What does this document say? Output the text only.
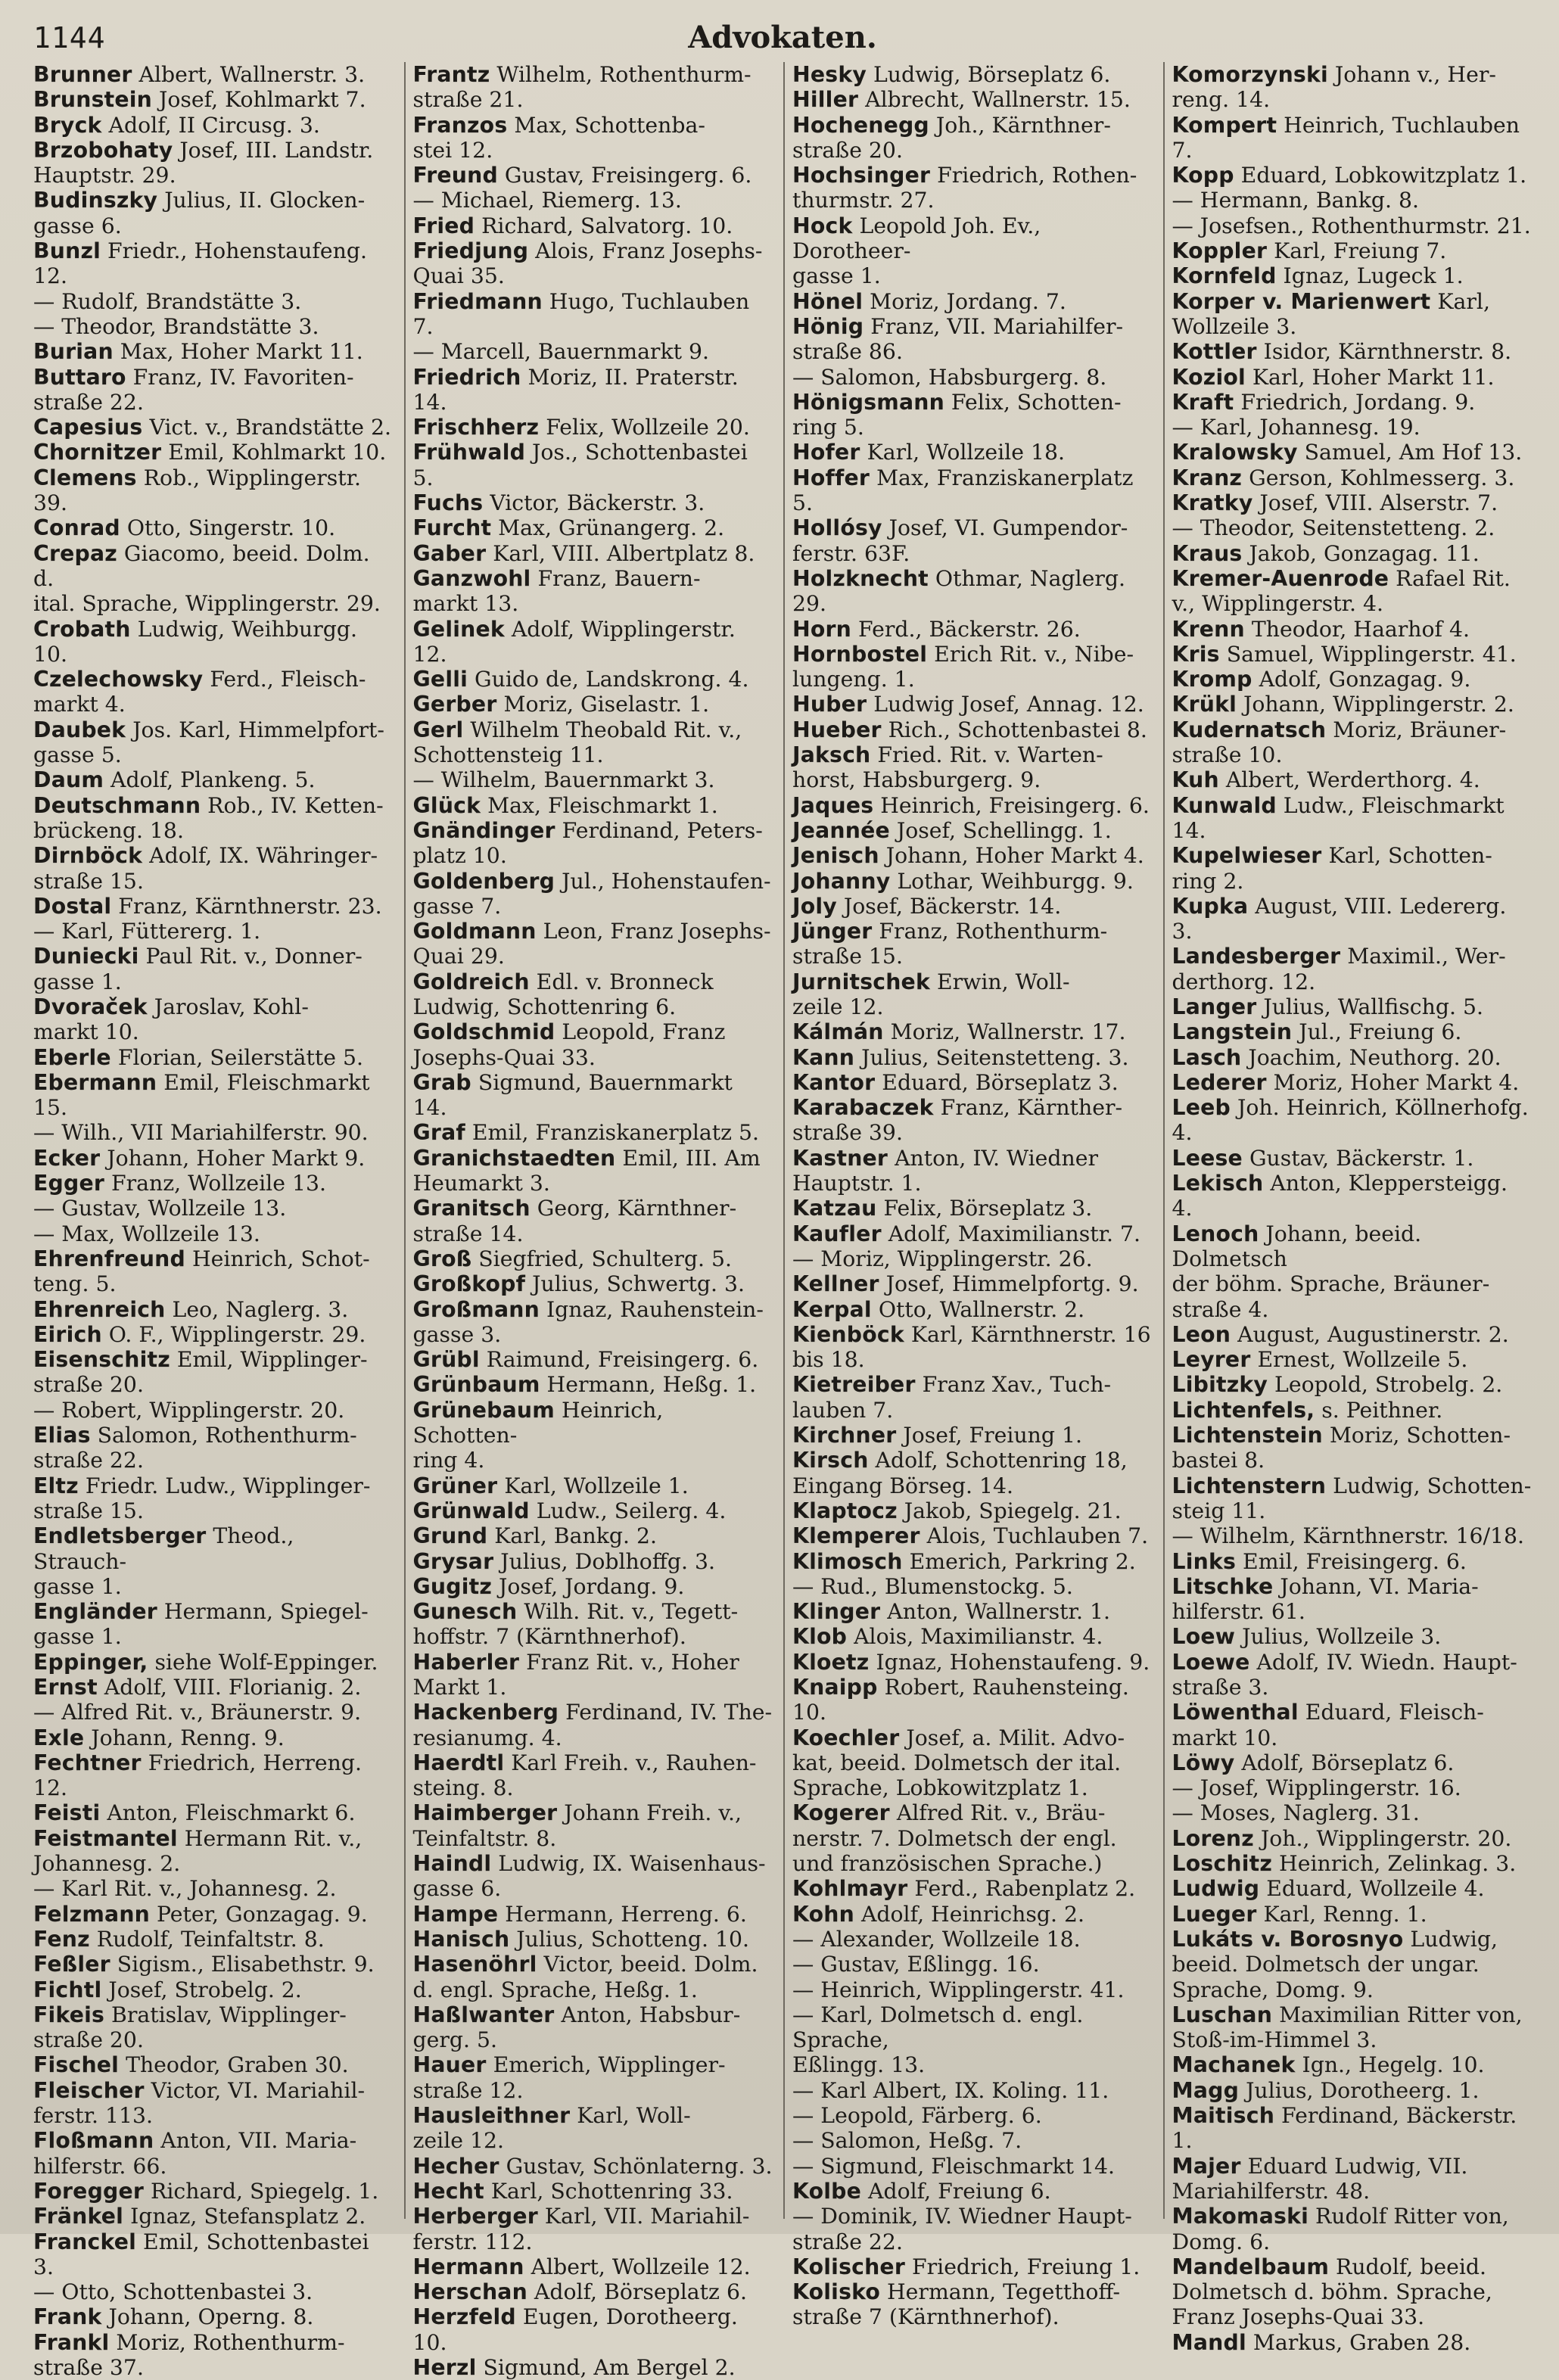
1144	Advokaten.
Brunner Albert, Wallnerstr. 3.
Brunstein Josef, Kohlmarkt 7.
Bryck Adolf, II Circusg. 3.
Brzobohaty Josef, III. Landstr.
Hauptstr. 29.
Budinszky Julius, II. Glocken-
gasse 6.
Bunzl Friedr., Hohenstaufeng. 12.
— Rudolf, Brandstätte 3.
— Theodor, Brandstätte 3.
Burian Max, Hoher Markt 11.
Buttaro Franz, IV. Favoriten-
straße 22.
Capesius Vict. v., Brandstätte 2.
Chornitzer Emil, Kohlmarkt 10.
Clemens Rob., Wipplingerstr. 39.
Conrad Otto, Singerstr. 10.
Crepaz Giacomo, beeid. Dolm. d.
ital. Sprache, Wipplingerstr. 29.
Crobath Ludwig, Weihburgg. 10.
Czelechowsky Ferd., Fleisch-
markt 4.
Daubek Jos. Karl, Himmelpfort-
gasse 5.
Daum Adolf, Plankeng. 5.
Deutschmann Rob., IV. Ketten-
brückeng. 18.
Dirnböck Adolf, IX. Währinger-
straße 15.
Dostal Franz, Kärnthnerstr. 23.
— Karl, Füttererg. 1.
Duniecki Paul Rit. v., Donner-
gasse 1.
Dvoraček Jaroslav, Kohl-
markt 10.
Eberle Florian, Seilerstätte 5.
Ebermann Emil, Fleischmarkt 15.
— Wilh., VII Mariahilferstr. 90.
Ecker Johann, Hoher Markt 9.
Egger Franz, Wollzeile 13.
— Gustav, Wollzeile 13.
— Max, Wollzeile 13.
Ehrenfreund Heinrich, Schot-
teng. 5.
Ehrenreich Leo, Naglerg. 3.
Eirich O. F., Wipplingerstr. 29.
Eisenschitz Emil, Wipplinger-
straße 20.
— Robert, Wipplingerstr. 20.
Elias Salomon, Rothenthurm-
straße 22.
Eltz Friedr. Ludw., Wipplinger-
straße 15.
Endletsberger Theod., Strauch-
gasse 1.
Engländer Hermann, Spiegel-
gasse 1.
Eppinger, siehe Wolf-Eppinger.
Ernst Adolf, VIII. Florianig. 2.
— Alfred Rit. v., Bräunerstr. 9.
Exle Johann, Renng. 9.
Fechtner Friedrich, Herreng. 12.
Feisti Anton, Fleischmarkt 6.
Feistmantel Hermann Rit. v.,
Johannesg. 2.
— Karl Rit. v., Johannesg. 2.
Felzmann Peter, Gonzagag. 9.
Fenz Rudolf, Teinfaltstr. 8.
Feßler Sigism., Elisabethstr. 9.
Fichtl Josef, Strobelg. 2.
Fikeis Bratislav, Wipplinger-
straße 20.
Fischel Theodor, Graben 30.
Fleischer Victor, VI. Mariahil-
ferstr. 113.
Floßmann Anton, VII. Maria-
hilferstr. 66.
Foregger Richard, Spiegelg. 1.
Fränkel Ignaz, Stefansplatz 2.
Franckel Emil, Schottenbastei 3.
— Otto, Schottenbastei 3.
Frank Johann, Operng. 8.
Frankl Moriz, Rothenthurm-
straße 37.
Frantz Wilhelm, Rothenthurm-
straße 21.
Franzos Max, Schottenba-
stei 12.
Freund Gustav, Freisingerg. 6.
— Michael, Riemerg. 13.
Fried Richard, Salvatorg. 10.
Friedjung Alois, Franz Josephs-
Quai 35.
Friedmann Hugo, Tuchlauben 7.
— Marcell, Bauernmarkt 9.
Friedrich Moriz, II. Praterstr. 14.
Frischherz Felix, Wollzeile 20.
Frühwald Jos., Schottenbastei 5.
Fuchs Victor, Bäckerstr. 3.
Furcht Max, Grünangerg. 2.
Gaber Karl, VIII. Albertplatz 8.
Ganzwohl Franz, Bauern-
markt 13.
Gelinek Adolf, Wipplingerstr. 12.
Gelli Guido de, Landskrong. 4.
Gerber Moriz, Giselastr. 1.
Gerl Wilhelm Theobald Rit. v.,
Schottensteig 11.
— Wilhelm, Bauernmarkt 3.
Glück Max, Fleischmarkt 1.
Gnändinger Ferdinand, Peters-
platz 10.
Goldenberg Jul., Hohenstaufen-
gasse 7.
Goldmann Leon, Franz Josephs-
Quai 29.
Goldreich Edl. v. Bronneck
Ludwig, Schottenring 6.
Goldschmid Leopold, Franz
Josephs-Quai 33.
Grab Sigmund, Bauernmarkt 14.
Graf Emil, Franziskanerplatz 5.
Granichstaedten Emil, III. Am
Heumarkt 3.
Granitsch Georg, Kärnthner-
straße 14.
Groß Siegfried, Schulterg. 5.
Großkopf Julius, Schwertg. 3.
Großmann Ignaz, Rauhenstein-
gasse 3.
Grübl Raimund, Freisingerg. 6.
Grünbaum Hermann, Heßg. 1.
Grünebaum Heinrich, Schotten-
ring 4.
Grüner Karl, Wollzeile 1.
Grünwald Ludw., Seilerg. 4.
Grund Karl, Bankg. 2.
Grysar Julius, Doblhoffg. 3.
Gugitz Josef, Jordang. 9.
Gunesch Wilh. Rit. v., Tegett-
hoffstr. 7 (Kärnthnerhof).
Haberler Franz Rit. v., Hoher
Markt 1.
Hackenberg Ferdinand, IV. The-
resianumg. 4.
Haerdtl Karl Freih. v., Rauhen-
steing. 8.
Haimberger Johann Freih. v.,
Teinfaltstr. 8.
Haindl Ludwig, IX. Waisenhaus-
gasse 6.
Hampe Hermann, Herreng. 6.
Hanisch Julius, Schotteng. 10.
Hasenöhrl Victor, beeid. Dolm.
d. engl. Sprache, Heßg. 1.
Haßlwanter Anton, Habsbur-
gerg. 5.
Hauer Emerich, Wipplinger-
straße 12.
Hausleithner Karl, Woll-
zeile 12.
Hecher Gustav, Schönlaterng. 3.
Hecht Karl, Schottenring 33.
Herberger Karl, VII. Mariahil-
ferstr. 112.
Hermann Albert, Wollzeile 12.
Herschan Adolf, Börseplatz 6.
Herzfeld Eugen, Dorotheerg. 10.
Herzl Sigmund, Am Bergel 2.
Hesky Ludwig, Börseplatz 6.
Hiller Albrecht, Wallnerstr. 15.
Hochenegg Joh., Kärnthner-
straße 20.
Hochsinger Friedrich, Rothen-
thurmstr. 27.
Hock Leopold Joh. Ev., Dorotheer-
gasse 1.
Hönel Moriz, Jordang. 7.
Hönig Franz, VII. Mariahilfer-
straße 86.
— Salomon, Habsburgerg. 8.
Hönigsmann Felix, Schotten-
ring 5.
Hofer Karl, Wollzeile 18.
Hoffer Max, Franziskanerplatz 5.
Hollósy Josef, VI. Gumpendor-
ferstr. 63F.
Holzknecht Othmar, Naglerg. 29.
Horn Ferd., Bäckerstr. 26.
Hornbostel Erich Rit. v., Nibe-
lungeng. 1.
Huber Ludwig Josef, Annag. 12.
Hueber Rich., Schottenbastei 8.
Jaksch Fried. Rit. v. Warten-
horst, Habsburgerg. 9.
Jaques Heinrich, Freisingerg. 6.
Jeannée Josef, Schellingg. 1.
Jenisch Johann, Hoher Markt 4.
Johanny Lothar, Weihburgg. 9.
Joly Josef, Bäckerstr. 14.
Jünger Franz, Rothenthurm-
straße 15.
Jurnitschek Erwin, Woll-
zeile 12.
Kálmán Moriz, Wallnerstr. 17.
Kann Julius, Seitenstetteng. 3.
Kantor Eduard, Börseplatz 3.
Karabaczek Franz, Kärnther-
straße 39.
Kastner Anton, IV. Wiedner
Hauptstr. 1.
Katzau Felix, Börseplatz 3.
Kaufler Adolf, Maximilianstr. 7.
— Moriz, Wipplingerstr. 26.
Kellner Josef, Himmelpfortg. 9.
Kerpal Otto, Wallnerstr. 2.
Kienböck Karl, Kärnthnerstr. 16
bis 18.
Kietreiber Franz Xav., Tuch-
lauben 7.
Kirchner Josef, Freiung 1.
Kirsch Adolf, Schottenring 18,
Eingang Börseg. 14.
Klaptocz Jakob, Spiegelg. 21.
Klemperer Alois, Tuchlauben 7.
Klimosch Emerich, Parkring 2.
— Rud., Blumenstockg. 5.
Klinger Anton, Wallnerstr. 1.
Klob Alois, Maximilianstr. 4.
Kloetz Ignaz, Hohenstaufeng. 9.
Knaipp Robert, Rauhensteing. 10.
Koechler Josef, a. Milit. Advo-
kat, beeid. Dolmetsch der ital.
Sprache, Lobkowitzplatz 1.
Kogerer Alfred Rit. v., Bräu-
nerstr. 7. Dolmetsch der engl.
und französischen Sprache.)
Kohlmayr Ferd., Rabenplatz 2.
Kohn Adolf, Heinrichsg. 2.
— Alexander, Wollzeile 18.
— Gustav, Eßlingg. 16.
— Heinrich, Wipplingerstr. 41.
— Karl, Dolmetsch d. engl. Sprache,
Eßlingg. 13.
— Karl Albert, IX. Koling. 11.
— Leopold, Färberg. 6.
— Salomon, Heßg. 7.
— Sigmund, Fleischmarkt 14.
Kolbe Adolf, Freiung 6.
— Dominik, IV. Wiedner Haupt-
straße 22.
Kolischer Friedrich, Freiung 1.
Kolisko Hermann, Tegetthoff-
straße 7 (Kärnthnerhof).
Komorzynski Johann v., Her-
reng. 14.
Kompert Heinrich, Tuchlauben 7.
Kopp Eduard, Lobkowitzplatz 1.
— Hermann, Bankg. 8.
— Josefsen., Rothenthurmstr. 21.
Koppler Karl, Freiung 7.
Kornfeld Ignaz, Lugeck 1.
Korper v. Marienwert Karl,
Wollzeile 3.
Kottler Isidor, Kärnthnerstr. 8.
Koziol Karl, Hoher Markt 11.
Kraft Friedrich, Jordang. 9.
— Karl, Johannesg. 19.
Kralowsky Samuel, Am Hof 13.
Kranz Gerson, Kohlmesserg. 3.
Kratky Josef, VIII. Alserstr. 7.
— Theodor, Seitenstetteng. 2.
Kraus Jakob, Gonzagag. 11.
Kremer-Auenrode Rafael Rit.
v., Wipplingerstr. 4.
Krenn Theodor, Haarhof 4.
Kris Samuel, Wipplingerstr. 41.
Kromp Adolf, Gonzagag. 9.
Krükl Johann, Wipplingerstr. 2.
Kudernatsch Moriz, Bräuner-
straße 10.
Kuh Albert, Werderthorg. 4.
Kunwald Ludw., Fleischmarkt 14.
Kupelwieser Karl, Schotten-
ring 2.
Kupka August, VIII. Ledererg. 3.
Landesberger Maximil., Wer-
derthorg. 12.
Langer Julius, Wallfischg. 5.
Langstein Jul., Freiung 6.
Lasch Joachim, Neuthorg. 20.
Lederer Moriz, Hoher Markt 4.
Leeb Joh. Heinrich, Köllnerhofg. 4.
Leese Gustav, Bäckerstr. 1.
Lekisch Anton, Kleppersteigg. 4.
Lenoch Johann, beeid. Dolmetsch
der böhm. Sprache, Bräuner-
straße 4.
Leon August, Augustinerstr. 2.
Leyrer Ernest, Wollzeile 5.
Libitzky Leopold, Strobelg. 2.
Lichtenfels, s. Peithner.
Lichtenstein Moriz, Schotten-
bastei 8.
Lichtenstern Ludwig, Schotten-
steig 11.
— Wilhelm, Kärnthnerstr. 16/18.
Links Emil, Freisingerg. 6.
Litschke Johann, VI. Maria-
hilferstr. 61.
Loew Julius, Wollzeile 3.
Loewe Adolf, IV. Wiedn. Haupt-
straße 3.
Löwenthal Eduard, Fleisch-
markt 10.
Löwy Adolf, Börseplatz 6.
— Josef, Wipplingerstr. 16.
— Moses, Naglerg. 31.
Lorenz Joh., Wipplingerstr. 20.
Loschitz Heinrich, Zelinkag. 3.
Ludwig Eduard, Wollzeile 4.
Lueger Karl, Renng. 1.
Lukáts v. Borosnyo Ludwig,
beeid. Dolmetsch der ungar.
Sprache, Domg. 9.
Luschan Maximilian Ritter von,
Stoß-im-Himmel 3.
Machanek Ign., Hegelg. 10.
Magg Julius, Dorotheerg. 1.
Maitisch Ferdinand, Bäckerstr. 1.
Majer Eduard Ludwig, VII.
Mariahilferstr. 48.
Makomaski Rudolf Ritter von,
Domg. 6.
Mandelbaum Rudolf, beeid.
Dolmetsch d. böhm. Sprache,
Franz Josephs-Quai 33.
Mandl Markus, Graben 28.
